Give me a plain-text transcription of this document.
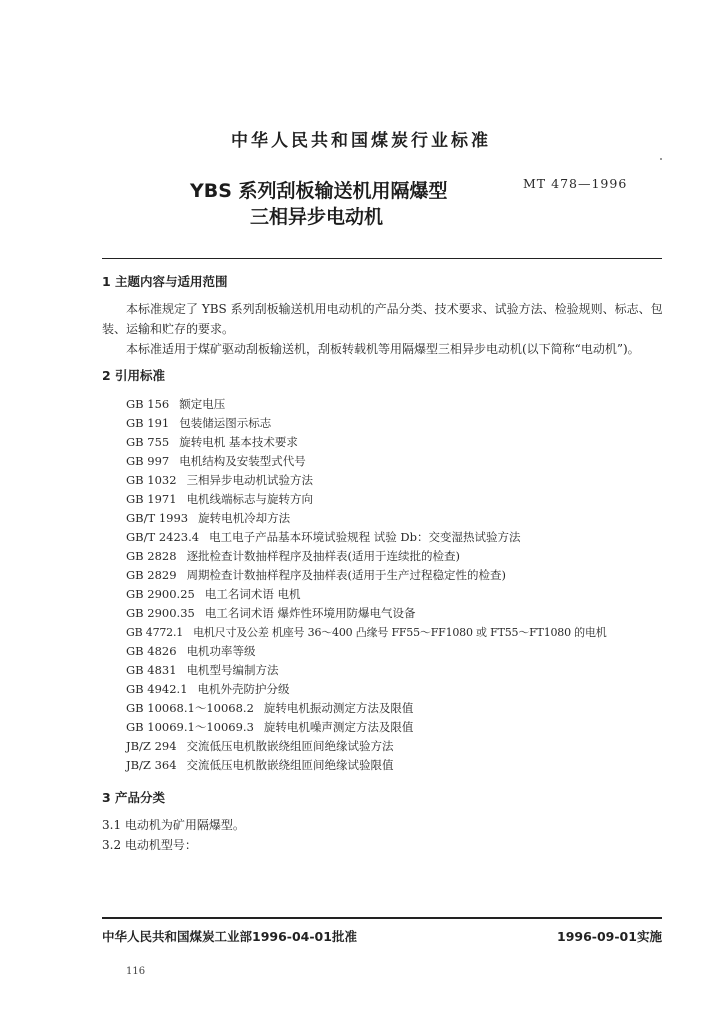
中华人民共和国煤炭行业标准
YBS 系列刮板输送机用隔爆型
三相异步电动机
MT 478—1996
1 主题内容与适用范围
本标准规定了 YBS 系列刮板输送机用电动机的产品分类、技术要求、试验方法、检验规则、标志、包
装、运输和贮存的要求。
本标准适用于煤矿驱动刮板输送机，刮板转载机等用隔爆型三相异步电动机(以下简称“电动机”)。
2 引用标准
GB 156 额定电压
GB 191 包装储运图示标志
GB 755 旋转电机 基本技术要求
GB 997 电机结构及安装型式代号
GB 1032 三相异步电动机试验方法
GB 1971 电机线端标志与旋转方向
GB/T 1993 旋转电机冷却方法
GB/T 2423.4 电工电子产品基本环境试验规程 试验 Db：交变湿热试验方法
GB 2828 逐批检查计数抽样程序及抽样表(适用于连续批的检查)
GB 2829 周期检查计数抽样程序及抽样表(适用于生产过程稳定性的检查)
GB 2900.25 电工名词术语 电机
GB 2900.35 电工名词术语 爆炸性环境用防爆电气设备
GB 4772.1 电机尺寸及公差 机座号 36～400 凸缘号 FF55～FF1080 或 FT55～FT1080 的电机
GB 4826 电机功率等级
GB 4831 电机型号编制方法
GB 4942.1 电机外壳防护分级
GB 10068.1～10068.2 旋转电机振动测定方法及限值
GB 10069.1～10069.3 旋转电机噪声测定方法及限值
JB/Z 294 交流低压电机散嵌绕组匝间绝缘试验方法
JB/Z 364 交流低压电机散嵌绕组匝间绝缘试验限值
3 产品分类
3.1 电动机为矿用隔爆型。
3.2 电动机型号：
中华人民共和国煤炭工业部1996-04-01批准	1996-09-01实施
116
